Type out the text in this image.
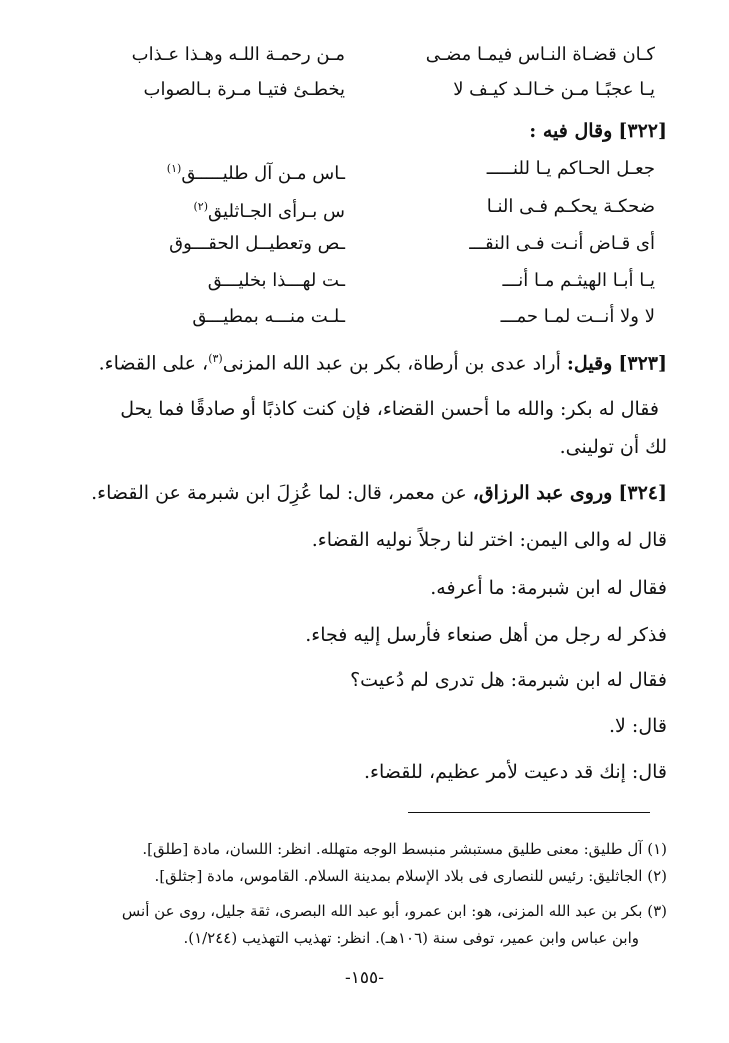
كـان قضـاة النـاس فيمـا مضـى
مـن رحمـة اللـه وهـذا عـذاب
يـا عجبًـا مـن خـالـد كيـف لا
يخطـئ فتيـا مـرة بـالصواب
[٣٢٢] وقال فيه :
جعـل الحـاكم يـا للنـــــ
ـاس مـن آل طليـــــق$^{(١)}$
ضحكـة يحكـم فـى النـا
س بـرأى الجـاثليق$^{(٢)}$
أى قـاض أنـت فـى النقـــ
ـص وتعطيــل الحقـــوق
يـا أبـا الهيثـم مـا أنـــ
ـت لهـــذا بخليـــق
لا ولا أنــت لمـا حمـــ
ـلـت منـــه بمطيـــق
[٣٢٣] وقيل: أراد عدى بن أرطاة، بكر بن عبد الله المزنى$^{(٣)}$، على القضاء.
فقال له بكر: والله ما أحسن القضاء، فإن كنت كاذبًا أو صادقًا فما يحل
لك أن تولينى.
[٣٢٤] وروى عبد الرزاق، عن معمر، قال: لما عُزِلَ ابن شبرمة عن القضاء.
قال له والى اليمن: اختر لنا رجلاً نوليه القضاء.
فقال له ابن شبرمة: ما أعرفه.
فذكر له رجل من أهل صنعاء فأرسل إليه فجاء.
فقال له ابن شبرمة: هل تدرى لم دُعيت؟
قال: لا.
قال: إنك قد دعيت لأمر عظيم، للقضاء.
(١) آل طليق: معنى طليق مستبشر منبسط الوجه متهلله. انظر: اللسان، مادة [طلق].
(٢) الجاثليق: رئيس للنصارى فى بلاد الإسلام بمدينة السلام. القاموس، مادة [جثلق].
(٣) بكر بن عبد الله المزنى، هو: ابن عمرو، أبو عبد الله البصرى، ثقة جليل، روى عن أنس
وابن عباس وابن عمير، توفى سنة (١٠٦هـ). انظر: تهذيب التهذيب (١/٢٤٤).
-١٥٥-
